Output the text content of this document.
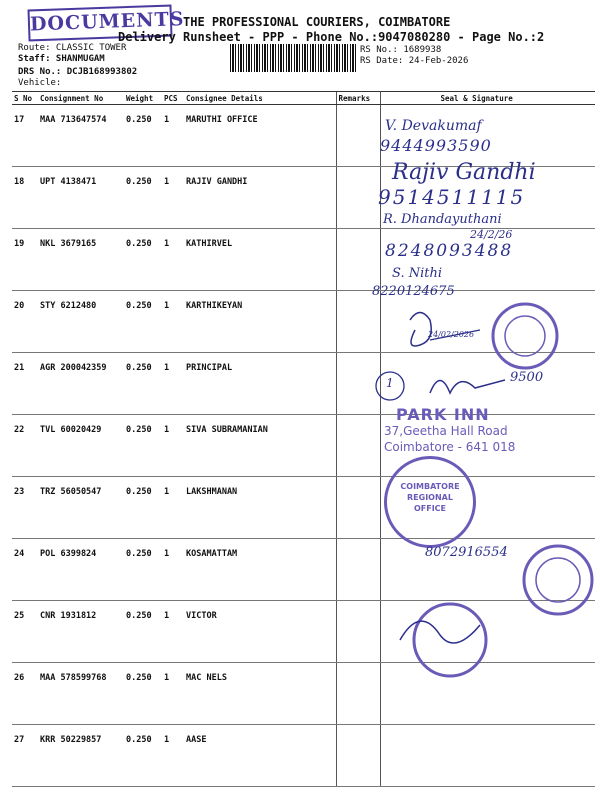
DOCUMENTS
THE PROFESSIONAL COURIERS, COIMBATORE
Delivery Runsheet - PPP - Phone No.:9047080280 - Page No.:2
Route: CLASSIC TOWER
Staff: SHANMUGAM
DRS No.: DCJB168993802
Vehicle:
RS No.: 1689938
RS Date: 24-Feb-2026
S No	Consignment No	Weight	PCS	Consignee Details	Remarks	Seal & Signature
17	MAA 713647574	0.250	1	MARUTHI OFFICE		
18	UPT 4138471	0.250	1	RAJIV GANDHI		
19	NKL 3679165	0.250	1	KATHIRVEL		
20	STY 6212480	0.250	1	KARTHIKEYAN		
21	AGR 200042359	0.250	1	PRINCIPAL		
22	TVL 60020429	0.250	1	SIVA SUBRAMANIAN		
23	TRZ 56050547	0.250	1	LAKSHMANAN		
24	POL 6399824	0.250	1	KOSAMATTAM		
25	CNR 1931812	0.250	1	VICTOR		
26	MAA 578599768	0.250	1	MAC NELS		
27	KRR 50229857	0.250	1	AASE		
V. Devakumaf
9444993590
Rajiv Gandhi
9514511115
R. Dhandayuthani
24/2/26
8248093488
S. Nithi
8220124675
24/02/2026
1	9500
PARK INN
37,Geetha Hall Road
Coimbatore - 641 018
COIMBATORE
REGIONAL
OFFICE
8072916554
